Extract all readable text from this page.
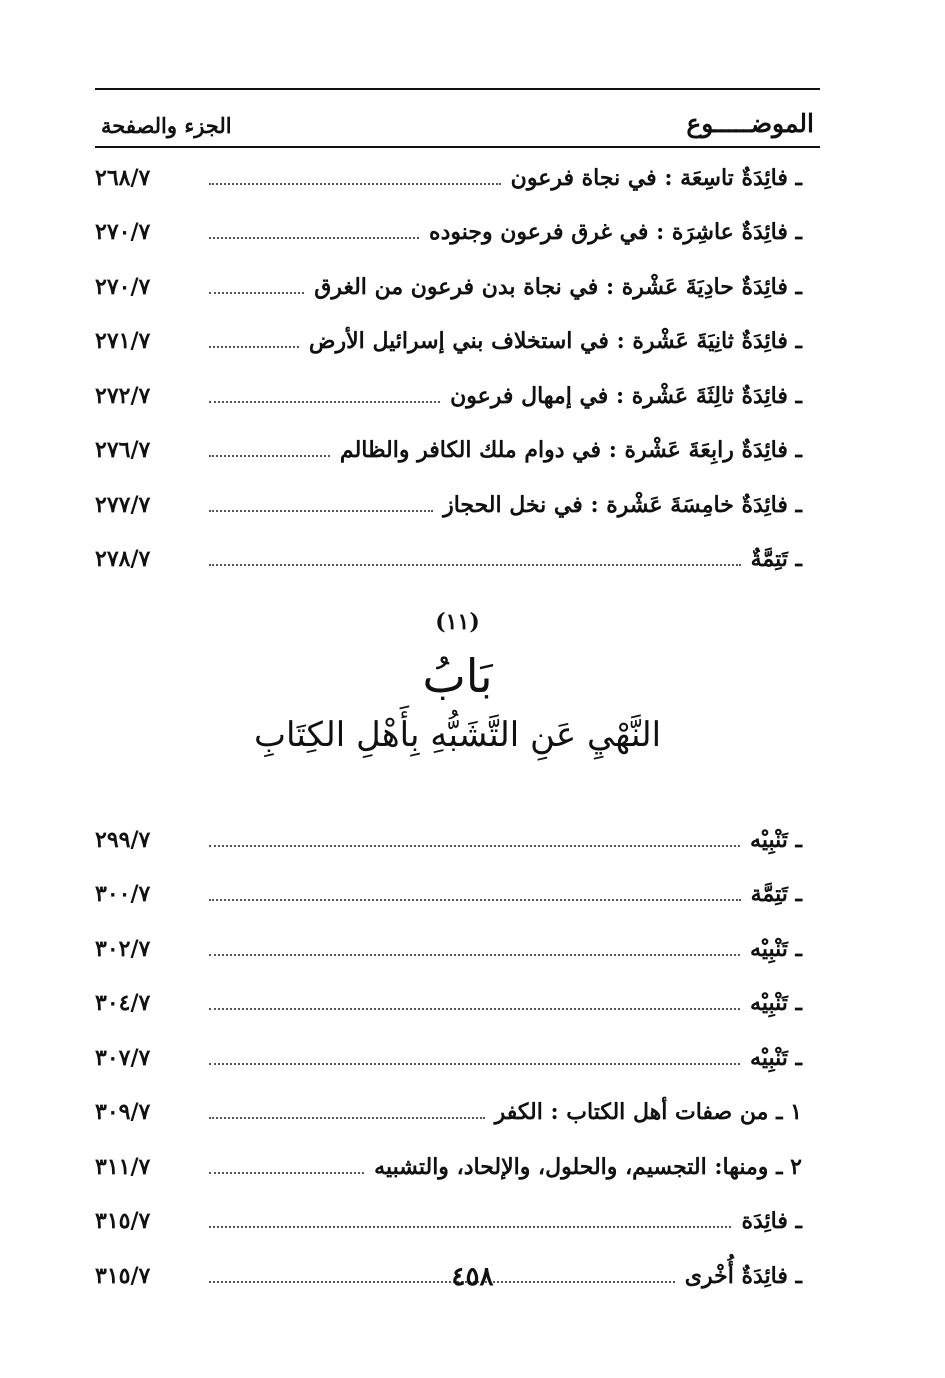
الموضـــــوع
الجزء والصفحة
ـ فائِدَةٌ تاسِعَة : في نجاة فرعون
٢٦٨/٧
ـ فائِدَةٌ عاشِرَة : في غرق فرعون وجنوده
٢٧٠/٧
ـ فائِدَةٌ حادِيَةَ عَشْرة : في نجاة بدن فرعون من الغرق
٢٧٠/٧
ـ فائِدَةٌ ثانِيَةَ عَشْرة : في استخلاف بني إسرائيل الأرض
٢٧١/٧
ـ فائِدَةٌ ثالِثَةَ عَشْرة : في إمهال فرعون
٢٧٢/٧
ـ فائِدَةٌ رابِعَةَ عَشْرة : في دوام ملك الكافر والظالم
٢٧٦/٧
ـ فائِدَةٌ خامِسَةَ عَشْرة : في نخل الحجاز
٢٧٧/٧
ـ تَتِمَّةٌ
٢٧٨/٧
(١١)
بَابُ
النَّهْيِ عَنِ التَّشَبُّهِ بِأَهْلِ الكِتَابِ
ـ تَنْبِيْه
٢٩٩/٧
ـ تَتِمَّة
٣٠٠/٧
ـ تَنْبِيْه
٣٠٢/٧
ـ تَنْبِيْه
٣٠٤/٧
ـ تَنْبِيْه
٣٠٧/٧
١ ـ من صفات أهل الكتاب : الكفر
٣٠٩/٧
٢ ـ ومنها: التجسيم، والحلول، والإلحاد، والتشبيه
٣١١/٧
ـ فائِدَة
٣١٥/٧
ـ فائِدَةٌ أُخْرى
٣١٥/٧	٤٥٨
